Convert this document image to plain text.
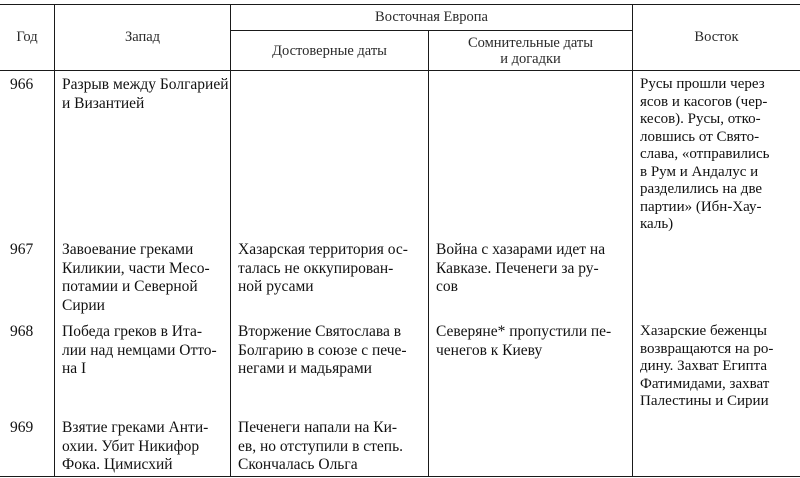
Год	Запад
Восточная Европа
Достоверные даты	Сомнительные даты
и догадки
Восток
966 Разрыв между Болгарией
и Византией
Русы прошли через
ясов и касогов (чер-
кесов). Русы, отко-
ловшись от Свято-
слава, «отправились
в Рум и Андалус и
разделились на две
партии» (Ибн-Хау-
каль)
967 Завоевание греками
Киликии, части Месо-
потамии и Северной
Сирии
Хазарская территория ос-
талась не оккупирован-
ной русами
Война с хазарами идет на
Кавказе. Печенеги за ру-
сов
968 Победа греков в Ита-
лии над немцами Отто-
на I
Вторжение Святослава в
Болгарию в союзе с пече-
негами и мадьярами
Северяне* пропустили пе-
ченегов к Киеву
Хазарские беженцы
возвращаются на ро-
дину. Захват Египта
Фатимидами, захват
Палестины и Сирии
969 Взятие греками Анти-
охии. Убит Никифор
Фока. Цимисхий
Печенеги напали на Ки-
ев, но отступили в степь.
Скончалась Ольга
